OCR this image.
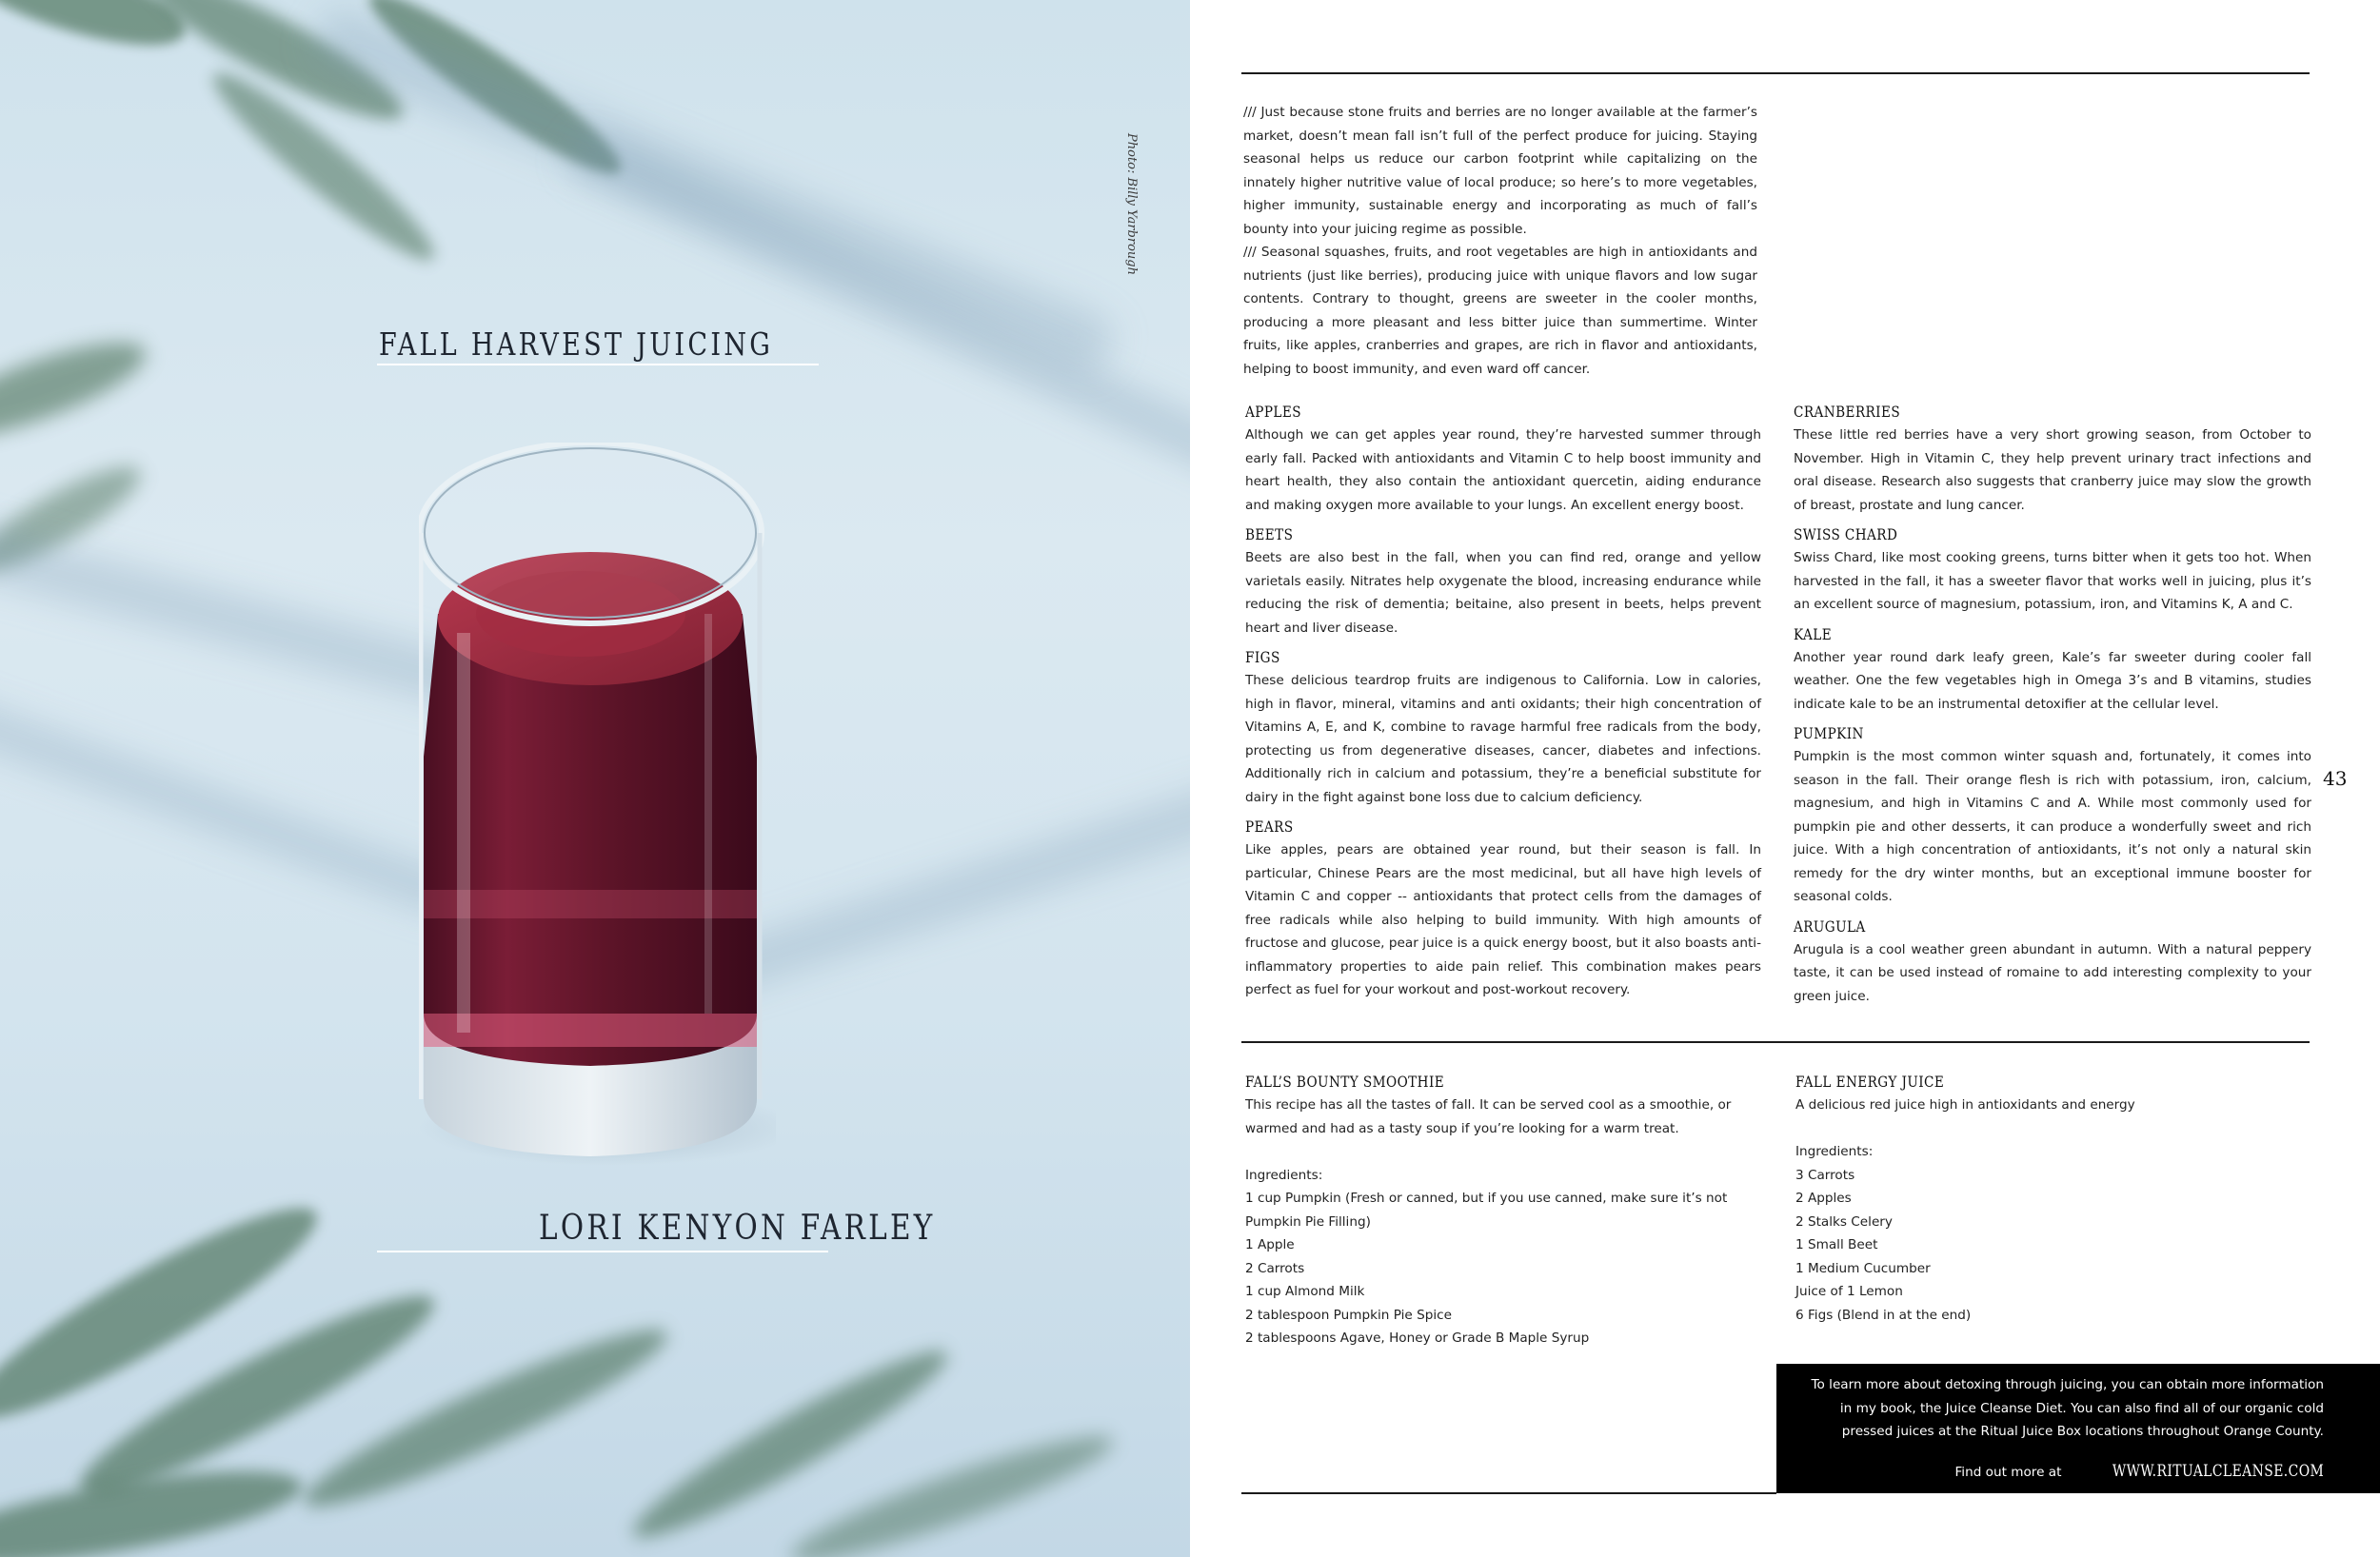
Photo: Billy Yarbrough
FALL HARVEST JUICING
LORI KENYON FARLEY

/// Just because stone fruits and berries are no longer available at the farmer’s market, doesn’t mean fall isn’t full of the perfect produce for juicing. Staying seasonal helps us reduce our carbon footprint while capitalizing on the innately higher nutritive value of local produce; so here’s to more vegetables, higher immunity, sustainable energy and incorporating as much of fall’s bounty into your juicing regime as possible.

/// Seasonal squashes, fruits, and root vegetables are high in antioxidants and nutrients (just like berries), producing juice with unique flavors and low sugar contents. Contrary to thought, greens are sweeter in the cooler months, producing a more pleasant and less bitter juice than summertime. Winter fruits, like apples, cranberries and grapes, are rich in flavor and antioxidants, helping to boost immunity, and even ward off cancer.

APPLES

Although we can get apples year round, they’re harvested summer through early fall. Packed with antioxidants and Vitamin C to help boost immunity and heart health, they also contain the antioxidant quercetin, aiding endurance and making oxygen more available to your lungs. An excellent energy boost.

BEETS

Beets are also best in the fall, when you can find red, orange and yellow varietals easily. Nitrates help oxygenate the blood, increasing endurance while reducing the risk of dementia; beitaine, also present in beets, helps prevent heart and liver disease.

FIGS

These delicious teardrop fruits are indigenous to California. Low in calories, high in flavor, mineral, vitamins and anti oxidants; their high concentration of Vitamins A, E, and K, combine to ravage harmful free radicals from the body, protecting us from degenerative diseases, cancer, diabetes and infections. Additionally rich in calcium and potassium, they’re a beneficial substitute for dairy in the fight against bone loss due to calcium deficiency.

PEARS

Like apples, pears are obtained year round, but their season is fall. In particular, Chinese Pears are the most medicinal, but all have high levels of Vitamin C and copper -- antioxidants that protect cells from the damages of free radicals while also helping to build immunity. With high amounts of fructose and glucose, pear juice is a quick energy boost, but it also boasts anti-inflammatory properties to aide pain relief. This combination makes pears perfect as fuel for your workout and post-workout recovery.

CRANBERRIES

These little red berries have a very short growing season, from October to November. High in Vitamin C, they help prevent urinary tract infections and oral disease. Research also suggests that cranberry juice may slow the growth of breast, prostate and lung cancer.

SWISS CHARD

Swiss Chard, like most cooking greens, turns bitter when it gets too hot. When harvested in the fall, it has a sweeter flavor that works well in juicing, plus it’s an excellent source of magnesium, potassium, iron, and Vitamins K, A and C.

KALE

Another year round dark leafy green, Kale’s far sweeter during cooler fall weather. One the few vegetables high in Omega 3’s and B vitamins, studies indicate kale to be an instrumental detoxifier at the cellular level.

PUMPKIN

Pumpkin is the most common winter squash and, fortunately, it comes into season in the fall. Their orange flesh is rich with potassium, iron, calcium, magnesium, and high in Vitamins C and A. While most commonly used for pumpkin pie and other desserts, it can produce a wonderfully sweet and rich juice. With a high concentration of antioxidants, it’s not only a natural skin remedy for the dry winter months, but an exceptional immune booster for seasonal colds.

ARUGULA

Arugula is a cool weather green abundant in autumn. With a natural peppery taste, it can be used instead of romaine to add interesting complexity to your green juice.

43
FALL’S BOUNTY SMOOTHIE
This recipe has all the tastes of fall. It can be served cool as a smoothie, or warmed and had as a tasty soup if you’re looking for a warm treat.
Ingredients:
1 cup Pumpkin (Fresh or canned, but if you use canned, make sure it’s not Pumpkin Pie Filling)
1 Apple
2 Carrots
1 cup Almond Milk
2 tablespoon Pumpkin Pie Spice
2 tablespoons Agave, Honey or Grade B Maple Syrup
FALL ENERGY JUICE
A delicious red juice high in antioxidants and energy
Ingredients:
3 Carrots
2 Apples
2 Stalks Celery
1 Small Beet
1 Medium Cucumber
Juice of 1 Lemon
6 Figs (Blend in at the end)
To learn more about detoxing through juicing, you can obtain more information in my book, the Juice Cleanse Diet. You can also find all of our organic cold pressed juices at the Ritual Juice Box locations throughout Orange County.
Find out more at	WWW.RITUALCLEANSE.COM
